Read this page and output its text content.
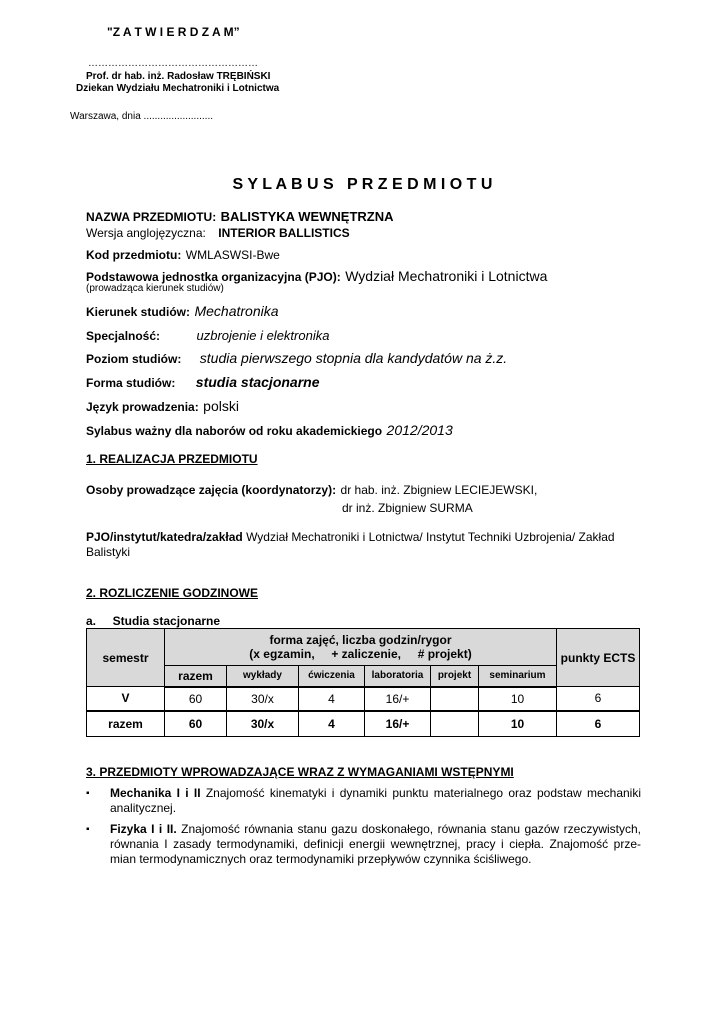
"Z A T W I E R D Z A M”
……………………………………………
Prof. dr hab. inż. Radosław TRĘBIŃSKI
Dziekan Wydziału Mechatroniki i Lotnictwa
Warszawa, dnia .........................
S Y L A B U S   P R Z E D M I O T U
NAZWA PRZEDMIOTU: BALISTYKA WEWNĘTRZNA
Wersja anglojęzyczna: INTERIOR BALLISTICS
Kod przedmiotu: WMLASWSI-Bwe
Podstawowa jednostka organizacyjna (PJO): Wydział Mechatroniki i Lotnictwa
(prowadząca kierunek studiów)
Kierunek studiów: Mechatronika
Specjalność:	uzbrojenie i elektronika
Poziom studiów: studia pierwszego stopnia dla kandydatów na ż.z.
Forma studiów: studia stacjonarne
Język prowadzenia: polski
Sylabus ważny dla naborów od roku akademickiego 2012/2013
1. REALIZACJA PRZEDMIOTU
Osoby prowadzące zajęcia (koordynatorzy): dr hab. inż. Zbigniew LECIEJEWSKI,
dr inż. Zbigniew SURMA
PJO/instytut/katedra/zakład Wydział Mechatroniki i Lotnictwa/ Instytut Techniki Uzbrojenia/ Zakład Balistyki
2. ROZLICZENIE GODZINOWE
a.     Studia stacjonarne
semestr	forma zajęć, liczba godzin/rygor
(x egzamin,     + zaliczenie,     # projekt)						punkty ECTS
	razem	wykłady	ćwiczenia	laboratoria	projekt	seminarium	
V	60	30/x	4	16/+		10	6
razem	60	30/x	4	16/+		10	6
3. PRZEDMIOTY WPROWADZAJĄCE WRAZ Z WYMAGANIAMI WSTĘPNYMI
▪ Mechanika I i II Znajomość kinematyki i dynamiki punktu materialnego oraz podstaw mechaniki analitycznej.
▪ Fizyka I i II. Znajomość równania stanu gazu doskonałego, równania stanu gazów rzeczywistych, równania I zasady termodynamiki, definicji energii wewnętrznej, pracy i ciepła. Znajomość prze-mian termodynamicznych oraz termodynamiki przepływów czynnika ściśliwego.
